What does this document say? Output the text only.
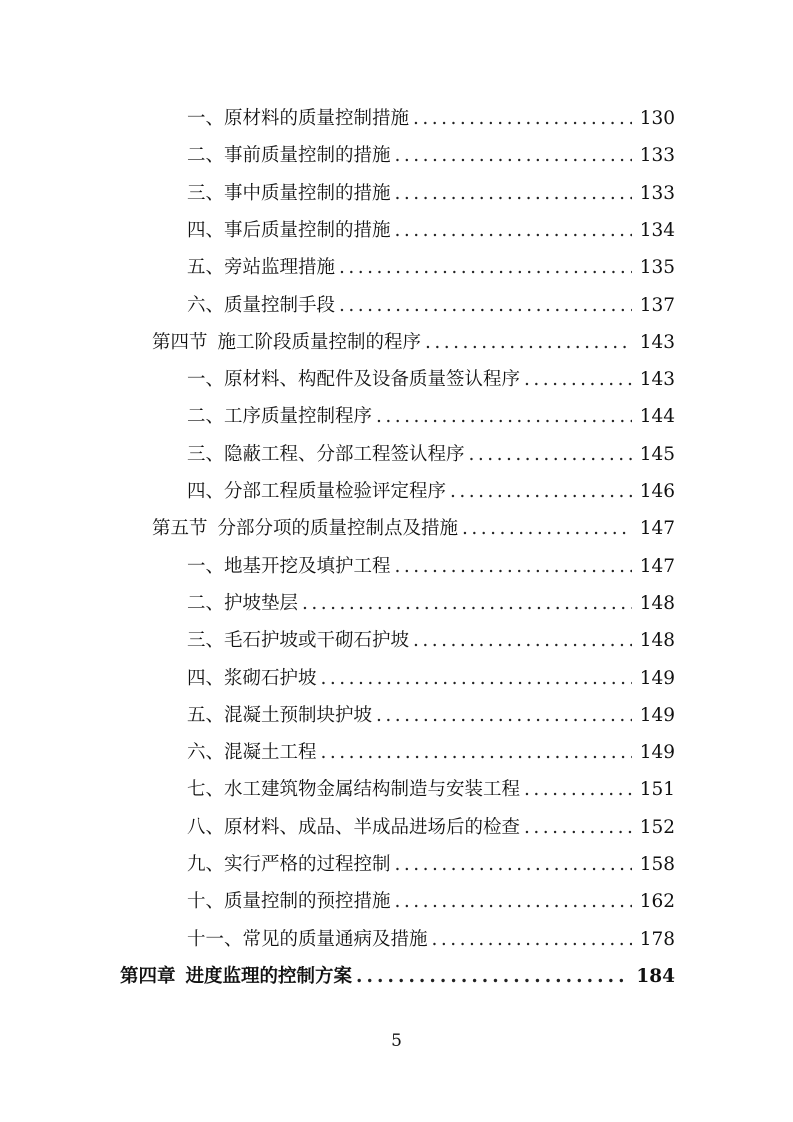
一、原材料的质量控制措施 . . .	130
二、事前质量控制的措施 . . .	133
三、事中质量控制的措施 . . .	133
四、事后质量控制的措施 . . .	134
五、旁站监理措施 . . .	135
六、质量控制手段 . . .	137
第四节 施工阶段质量控制的程序 . . .	143
一、原材料、构配件及设备质量签认程序 . . .	143
二、工序质量控制程序 . . .	144
三、隐蔽工程、分部工程签认程序 . . .	145
四、分部工程质量检验评定程序 . . .	146
第五节 分部分项的质量控制点及措施 . . .	147
一、地基开挖及填护工程 . . .	147
二、护坡垫层 . . .	148
三、毛石护坡或干砌石护坡 . . .	148
四、浆砌石护坡 . . .	149
五、混凝土预制块护坡 . . .	149
六、混凝土工程 . . .	149
七、水工建筑物金属结构制造与安装工程 . . .	151
八、原材料、成品、半成品进场后的检查 . . .	152
九、实行严格的过程控制 . . .	158
十、质量控制的预控措施 . . .	162
十一、常见的质量通病及措施 . . .	178
第四章 进度监理的控制方案 . . .	184
5
